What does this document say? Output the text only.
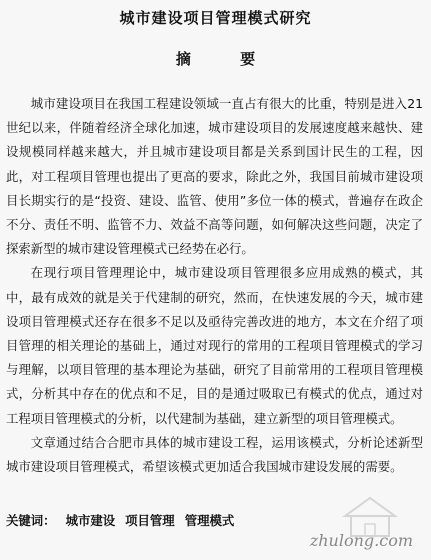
城市建设项目管理模式研究
摘 要

城市建设项目在我国工程建设领域一直占有很大的比重，特别是进入21世纪以来，伴随着经济全球化加速，城市建设项目的发展速度越来越快、建设规模同样越来越大，并且城市建设项目都是关系到国计民生的工程，因此，对工程项目管理也提出了更高的要求，除此之外，我国目前城市建设项目长期实行的是“投资、建设、监管、使用”多位一体的模式，普遍存在政企不分、责任不明、监管不力、效益不高等问题，如何解决这些问题，决定了探索新型的城市建设管理模式已经势在必行。

在现行项目管理理论中，城市建设项目管理很多应用成熟的模式，其中，最有成效的就是关于代建制的研究，然而，在快速发展的今天，城市建设项目管理模式还存在很多不足以及亟待完善改进的地方，本文在介绍了项目管理的相关理论的基础上，通过对现行的常用的工程项目管理模式的学习与理解，以项目管理的基本理论为基础，研究了目前常用的工程项目管理模式，分析其中存在的优点和不足，目的是通过吸取已有模式的优点，通过对工程项目管理模式的分析，以代建制为基础，建立新型的项目管理模式。

文章通过结合合肥市具体的城市建设工程，运用该模式，分析论述新型城市建设项目管理模式，希望该模式更加适合我国城市建设发展的需要。

关键词： 城市建设 项目管理 管理模式
zhulong.com
